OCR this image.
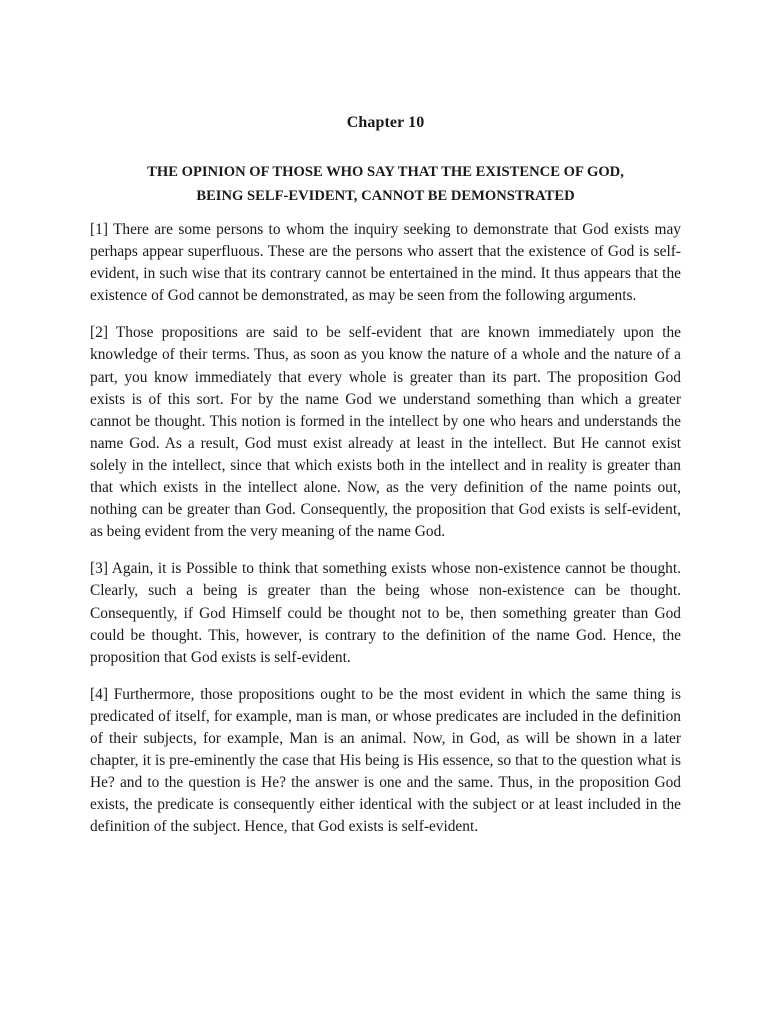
Chapter 10
THE OPINION OF THOSE WHO SAY THAT THE EXISTENCE OF GOD,
BEING SELF-EVIDENT, CANNOT BE DEMONSTRATED

[1] There are some persons to whom the inquiry seeking to demonstrate that God exists may perhaps appear superfluous. These are the persons who assert that the existence of God is self-evident, in such wise that its contrary cannot be entertained in the mind. It thus appears that the existence of God cannot be demonstrated, as may be seen from the following arguments.

[2] Those propositions are said to be self-evident that are known immediately upon the knowledge of their terms. Thus, as soon as you know the nature of a whole and the nature of a part, you know immediately that every whole is greater than its part. The proposition God exists is of this sort. For by the name God we understand something than which a greater cannot be thought. This notion is formed in the intellect by one who hears and understands the name God. As a result, God must exist already at least in the intellect. But He cannot exist solely in the intellect, since that which exists both in the intellect and in reality is greater than that which exists in the intellect alone. Now, as the very definition of the name points out, nothing can be greater than God. Consequently, the proposition that God exists is self-evident, as being evident from the very meaning of the name God.

[3] Again, it is Possible to think that something exists whose non-existence cannot be thought. Clearly, such a being is greater than the being whose non-existence can be thought. Consequently, if God Himself could be thought not to be, then something greater than God could be thought. This, however, is contrary to the definition of the name God. Hence, the proposition that God exists is self-evident.

[4] Furthermore, those propositions ought to be the most evident in which the same thing is predicated of itself, for example, man is man, or whose predicates are included in the definition of their subjects, for example, Man is an animal. Now, in God, as will be shown in a later chapter, it is pre-eminently the case that His being is His essence, so that to the question what is He? and to the question is He? the answer is one and the same. Thus, in the proposition God exists, the predicate is consequently either identical with the subject or at least included in the definition of the subject. Hence, that God exists is self-evident.
